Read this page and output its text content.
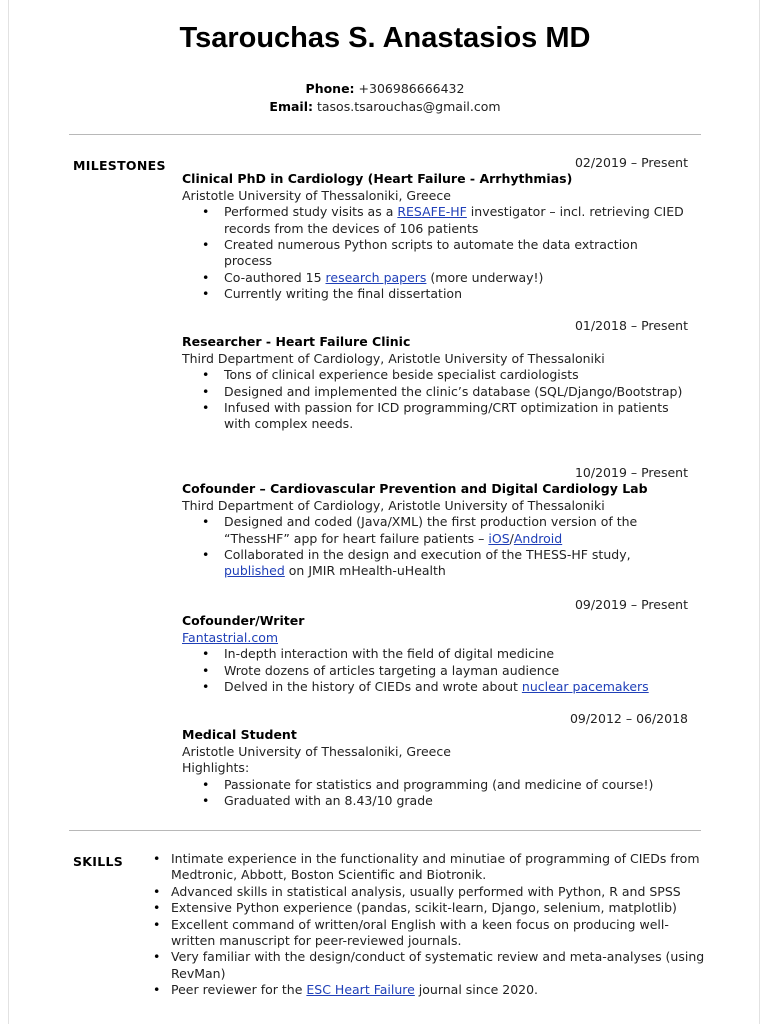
Tsarouchas S. Anastasios MD
Phone: +306986666432
Email: tasos.tsarouchas@gmail.com
MILESTONES	02/2019 – Present
Clinical PhD in Cardiology (Heart Failure - Arrhythmias)
Aristotle University of Thessaloniki, Greece
• Performed study visits as a RESAFE-HF investigator – incl. retrieving CIED records from the devices of 106 patients
• Created numerous Python scripts to automate the data extraction process
• Co-authored 15 research papers (more underway!)
• Currently writing the final dissertation
01/2018 – Present
Researcher - Heart Failure Clinic
Third Department of Cardiology, Aristotle University of Thessaloniki
• Tons of clinical experience beside specialist cardiologists
• Designed and implemented the clinic’s database (SQL/Django/Bootstrap)
• Infused with passion for ICD programming/CRT optimization in patients with complex needs.
10/2019 – Present
Cofounder – Cardiovascular Prevention and Digital Cardiology Lab
Third Department of Cardiology, Aristotle University of Thessaloniki
• Designed and coded (Java/XML) the first production version of the “ThessHF” app for heart failure patients – iOS/Android
• Collaborated in the design and execution of the THESS-HF study, published on JMIR mHealth-uHealth
09/2019 – Present
Cofounder/Writer
Fantastrial.com
• In-depth interaction with the field of digital medicine
• Wrote dozens of articles targeting a layman audience
• Delved in the history of CIEDs and wrote about nuclear pacemakers
09/2012 – 06/2018
Medical Student
Aristotle University of Thessaloniki, Greece
Highlights:
• Passionate for statistics and programming (and medicine of course!)
• Graduated with an 8.43/10 grade
SKILLS
•	Intimate experience in the functionality and minutiae of programming of CIEDs from Medtronic, Abbott, Boston Scientific and Biotronik.
• Advanced skills in statistical analysis, usually performed with Python, R and SPSS
• Extensive Python experience (pandas, scikit-learn, Django, selenium, matplotlib)
• Excellent command of written/oral English with a keen focus on producing well-written manuscript for peer-reviewed journals.
• Very familiar with the design/conduct of systematic review and meta-analyses (using RevMan)
• Peer reviewer for the ESC Heart Failure journal since 2020.
